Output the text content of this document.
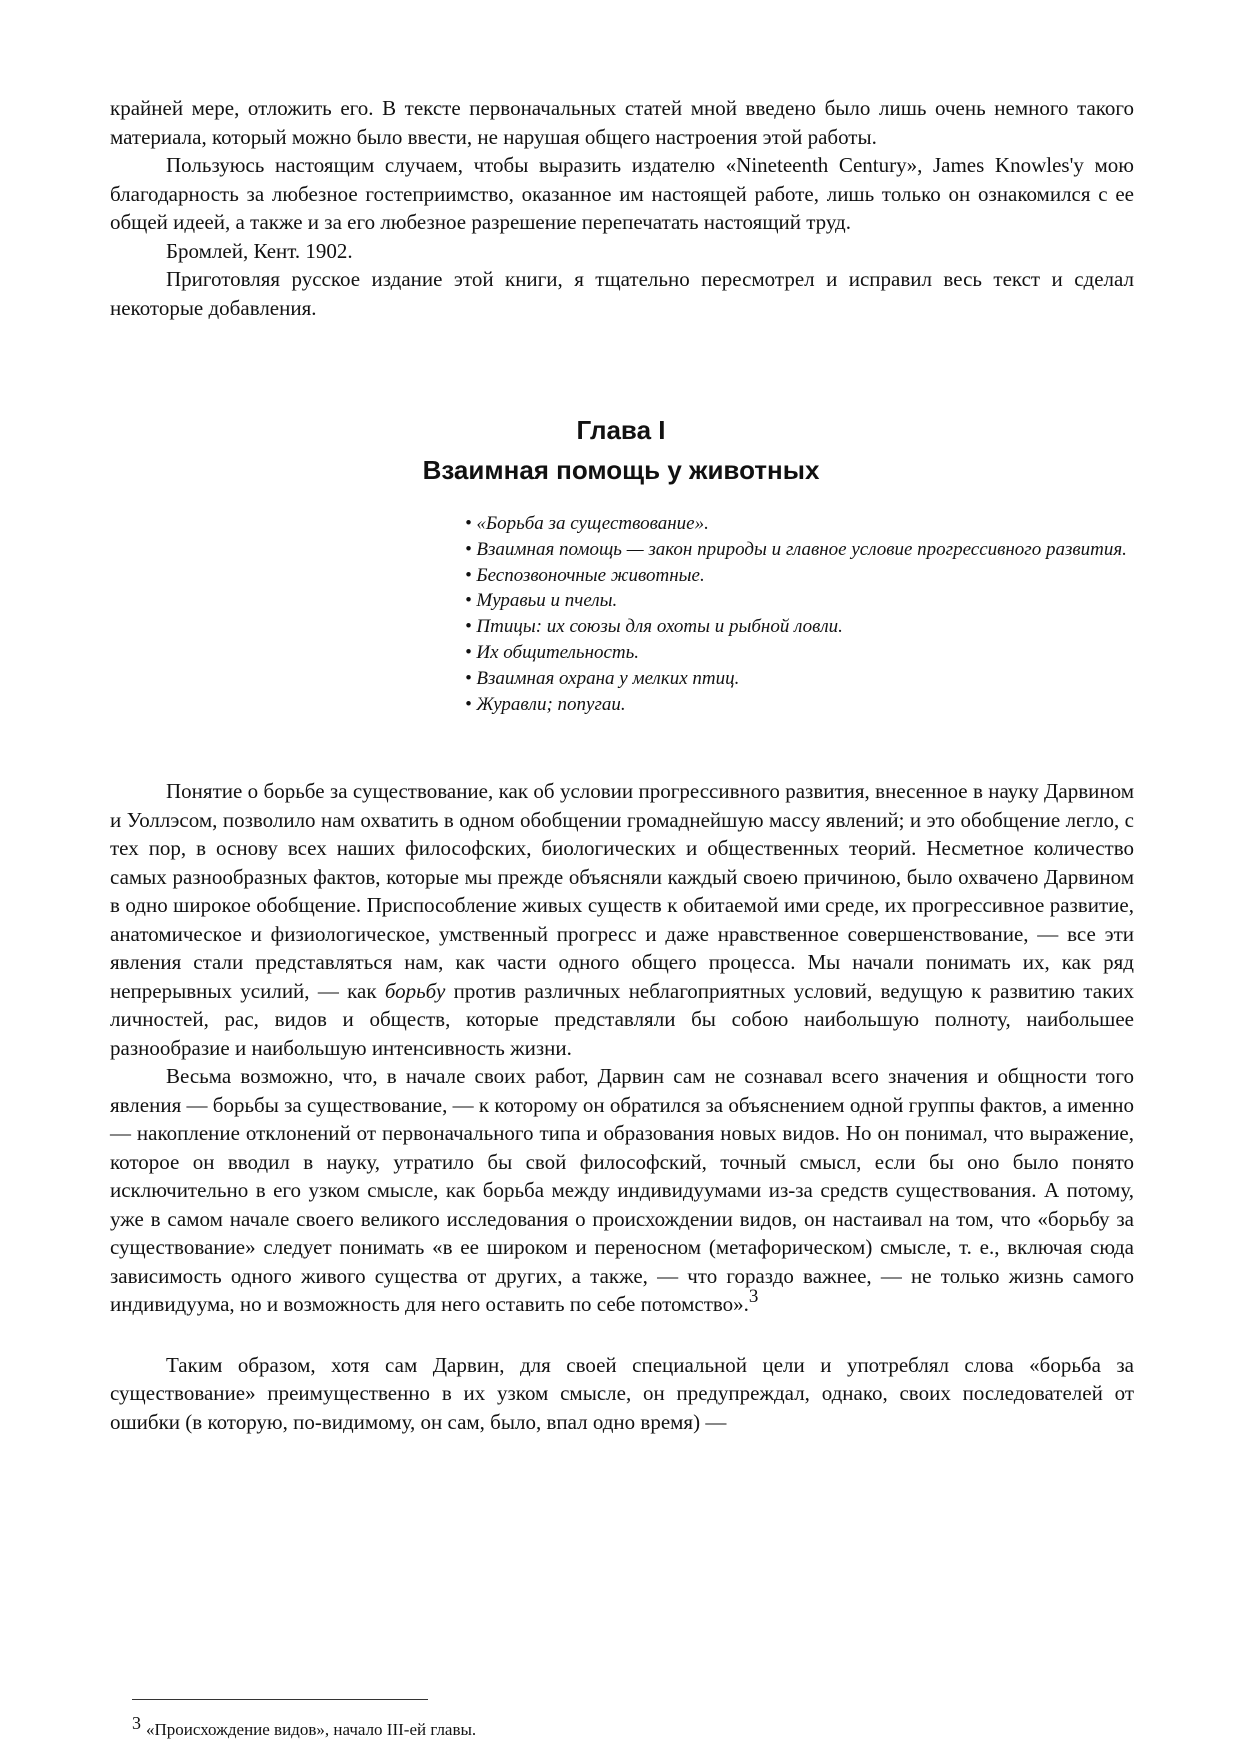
крайней мере, отложить его. В тексте первоначальных статей мной введено было лишь очень немного такого материала, который можно было ввести, не нарушая общего настроения этой работы.

Пользуюсь настоящим случаем, чтобы выразить издателю «Nineteenth Century», James Knowles'у мою благодарность за любезное гостеприимство, оказанное им настоящей работе, лишь только он ознакомился с ее общей идеей, а также и за его любезное разрешение перепечатать настоящий труд.

Бромлей, Кент. 1902.

Приготовляя русское издание этой книги, я тщательно пересмотрел и исправил весь текст и сделал некоторые добавления.

Глава I
Взаимная помощь у животных

• «Борьба за существование».

• Взаимная помощь — закон природы и главное условие прогрессивного развития.

• Беспозвоночные животные.

• Муравьи и пчелы.

• Птицы: их союзы для охоты и рыбной ловли.

• Их общительность.

• Взаимная охрана у мелких птиц.

• Журавли; попугаи.

Понятие о борьбе за существование, как об условии прогрессивного развития, внесенное в науку Дарвином и Уоллэсом, позволило нам охватить в одном обобщении громаднейшую массу явлений; и это обобщение легло, с тех пор, в основу всех наших философских, биологических и общественных теорий. Несметное количество самых разнообразных фактов, которые мы прежде объясняли каждый своею причиною, было охвачено Дарвином в одно широкое обобщение. Приспособление живых существ к обитаемой ими среде, их прогрессивное развитие, анатомическое и физиологическое, умственный прогресс и даже нравственное совершенствование, — все эти явления стали представляться нам, как части одного общего процесса. Мы начали понимать их, как ряд непрерывных усилий, — как борьбу против различных неблагоприятных условий, ведущую к развитию таких личностей, рас, видов и обществ, которые представляли бы собою наибольшую полноту, наибольшее разнообразие и наибольшую интенсивность жизни.

Весьма возможно, что, в начале своих работ, Дарвин сам не сознавал всего значения и общности того явления — борьбы за существование, — к которому он обратился за объяснением одной группы фактов, а именно — накопление отклонений от первоначального типа и образования новых видов. Но он понимал, что выражение, которое он вводил в науку, утратило бы свой философский, точный смысл, если бы оно было понято исключительно в его узком смысле, как борьба между индивидуумами из-за средств существования. А потому, уже в самом начале своего великого исследования о происхождении видов, он настаивал на том, что «борьбу за существование» следует понимать «в ее широком и переносном (метафорическом) смысле, т. е., включая сюда зависимость одного живого существа от других, а также, — что гораздо важнее, — не только жизнь самого индивидуума, но и возможность для него оставить по себе потомство».$^3$

Таким образом, хотя сам Дарвин, для своей специальной цели и употреблял слова «борьба за существование» преимущественно в их узком смысле, он предупреждал, однако, своих последователей от ошибки (в которую, по-видимому, он сам, было, впал одно время) —

3 «Происхождение видов», начало III-ей главы.
